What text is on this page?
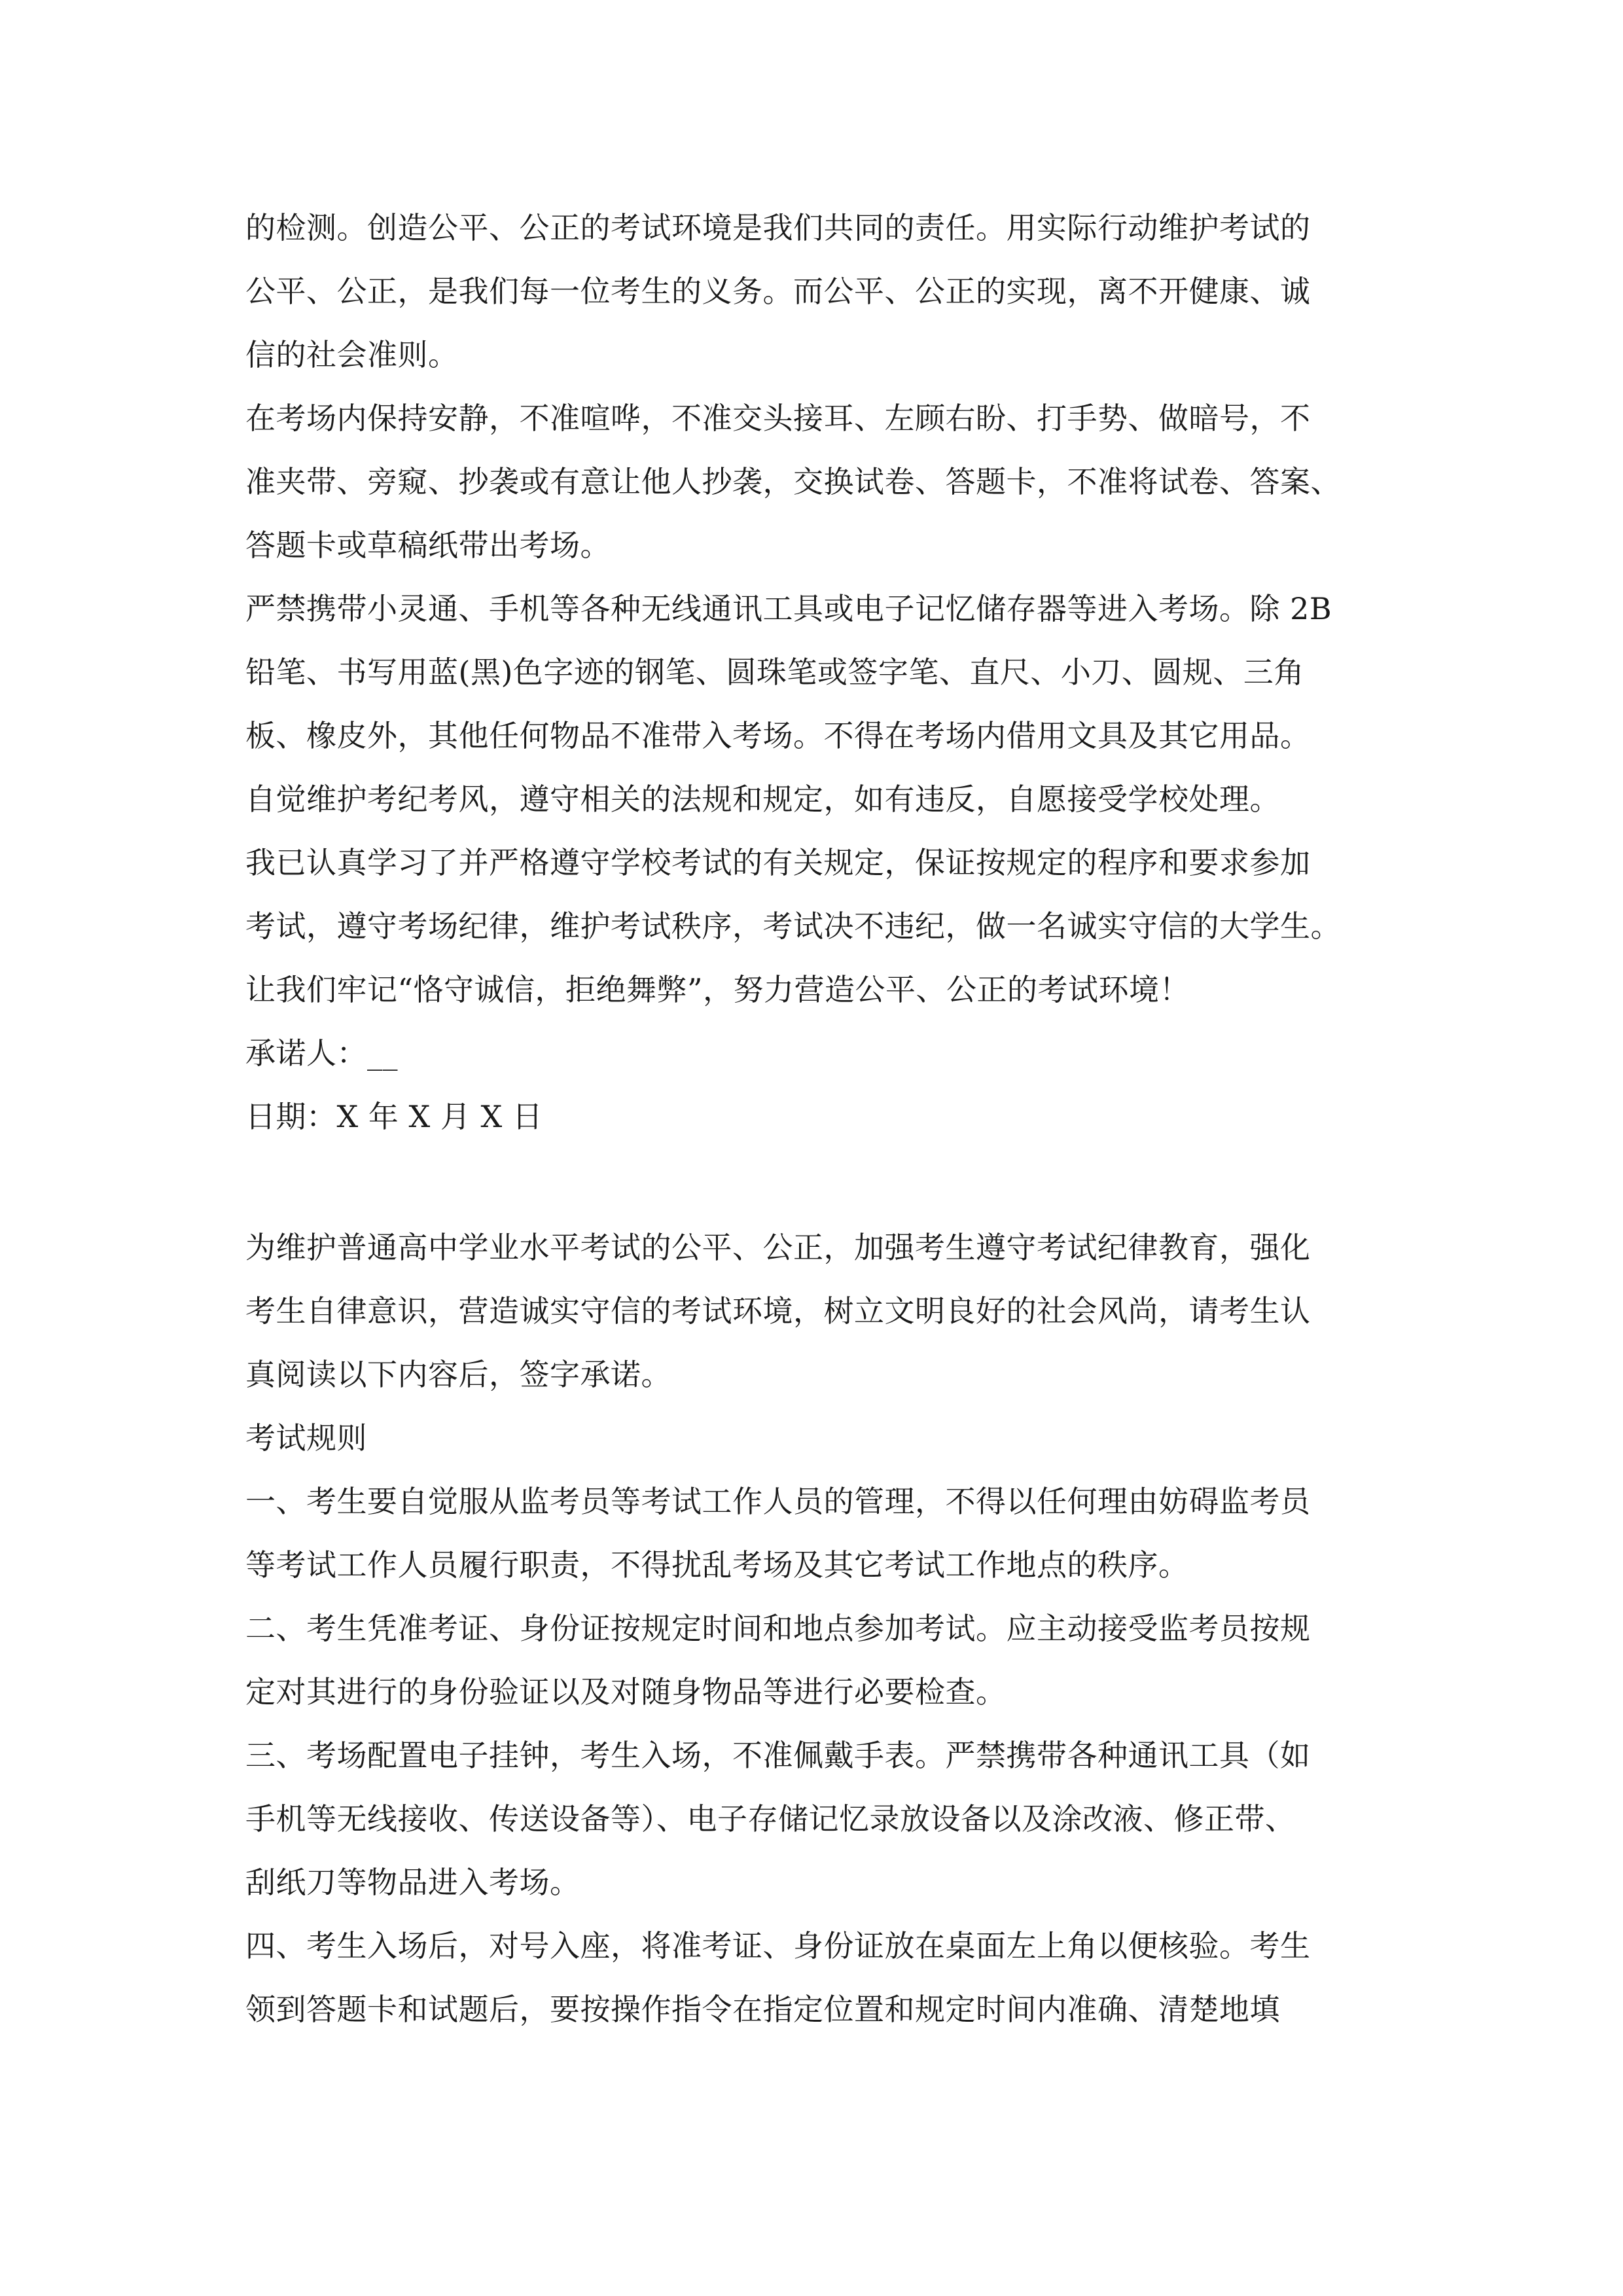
的检测。创造公平、公正的考试环境是我们共同的责任。用实际行动维护考试的
公平、公正，是我们每一位考生的义务。而公平、公正的实现，离不开健康、诚
信的社会准则。
在考场内保持安静，不准喧哗，不准交头接耳、左顾右盼、打手势、做暗号，不
准夹带、旁窥、抄袭或有意让他人抄袭，交换试卷、答题卡，不准将试卷、答案、
答题卡或草稿纸带出考场。
严禁携带小灵通、手机等各种无线通讯工具或电子记忆储存器等进入考场。除 2B
铅笔、书写用蓝(黑)色字迹的钢笔、圆珠笔或签字笔、直尺、小刀、圆规、三角
板、橡皮外，其他任何物品不准带入考场。不得在考场内借用文具及其它用品。
自觉维护考纪考风，遵守相关的法规和规定，如有违反，自愿接受学校处理。
我已认真学习了并严格遵守学校考试的有关规定，保证按规定的程序和要求参加
考试，遵守考场纪律，维护考试秩序，考试决不违纪，做一名诚实守信的大学生。
让我们牢记“恪守诚信，拒绝舞弊”，努力营造公平、公正的考试环境！
承诺人：__
日期：X 年 X 月 X 日
为维护普通高中学业水平考试的公平、公正，加强考生遵守考试纪律教育，强化
考生自律意识，营造诚实守信的考试环境，树立文明良好的社会风尚，请考生认
真阅读以下内容后，签字承诺。
考试规则
一、考生要自觉服从监考员等考试工作人员的管理，不得以任何理由妨碍监考员
等考试工作人员履行职责，不得扰乱考场及其它考试工作地点的秩序。
二、考生凭准考证、身份证按规定时间和地点参加考试。应主动接受监考员按规
定对其进行的身份验证以及对随身物品等进行必要检查。
三、考场配置电子挂钟，考生入场，不准佩戴手表。严禁携带各种通讯工具（如
手机等无线接收、传送设备等）、电子存储记忆录放设备以及涂改液、修正带、
刮纸刀等物品进入考场。
四、考生入场后，对号入座，将准考证、身份证放在桌面左上角以便核验。考生
领到答题卡和试题后，要按操作指令在指定位置和规定时间内准确、清楚地填
